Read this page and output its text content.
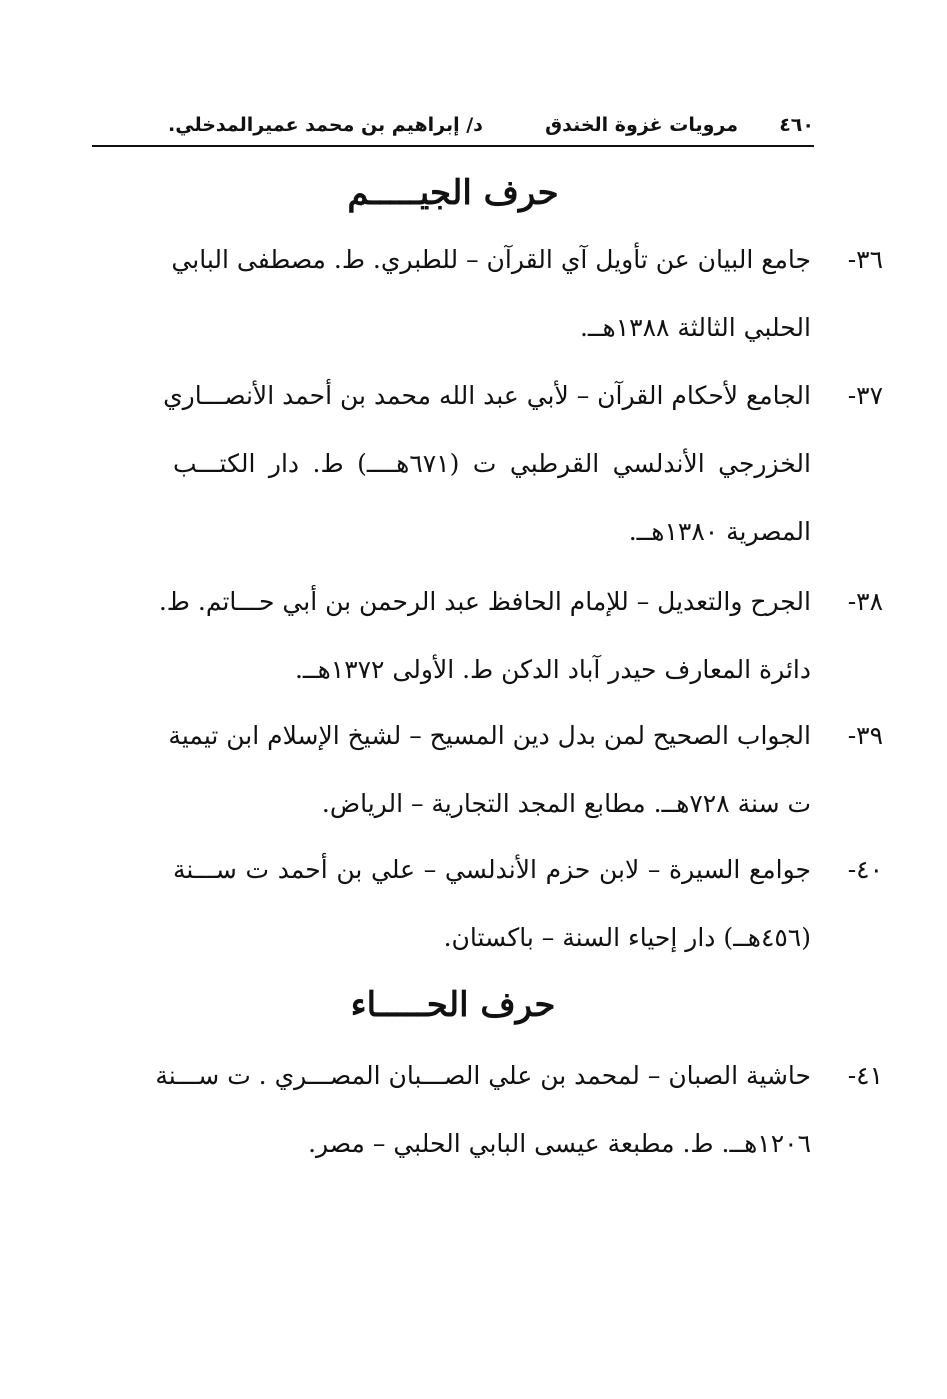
٤٦٠
مرويات غزوة الخندق
د/ إبراهيم بن محمد عميرالمدخلي.
حرف الجيـــــم
٣٦-
جامع البيان عن تأويل آي القرآن – للطبري. ط. مصطفى البابي
الحلبي الثالثة ١٣٨٨هــ.
٣٧-
الجامع لأحكام القرآن – لأبي عبد الله محمد بن أحمد الأنصـــاري
الخزرجي الأندلسي القرطبي ت (٦٧١هــــ) ط. دار الكتـــب
المصرية ١٣٨٠هــ.
٣٨-
الجرح والتعديل – للإمام الحافظ عبد الرحمن بن أبي حـــاتم. ط.
دائرة المعارف حيدر آباد الدكن ط. الأولى ١٣٧٢هــ.
٣٩-
الجواب الصحيح لمن بدل دين المسيح – لشيخ الإسلام ابن تيمية
ت سنة ٧٢٨هــ. مطابع المجد التجارية – الرياض.
٤٠-
جوامع السيرة – لابن حزم الأندلسي – علي بن أحمد ت ســـنة
(٤٥٦هــ) دار إحياء السنة – باكستان.
حرف الحـــــاء
٤١-
حاشية الصبان – لمحمد بن علي الصـــبان المصـــري . ت ســـنة
١٢٠٦هــ. ط. مطبعة عيسى البابي الحلبي – مصر.
